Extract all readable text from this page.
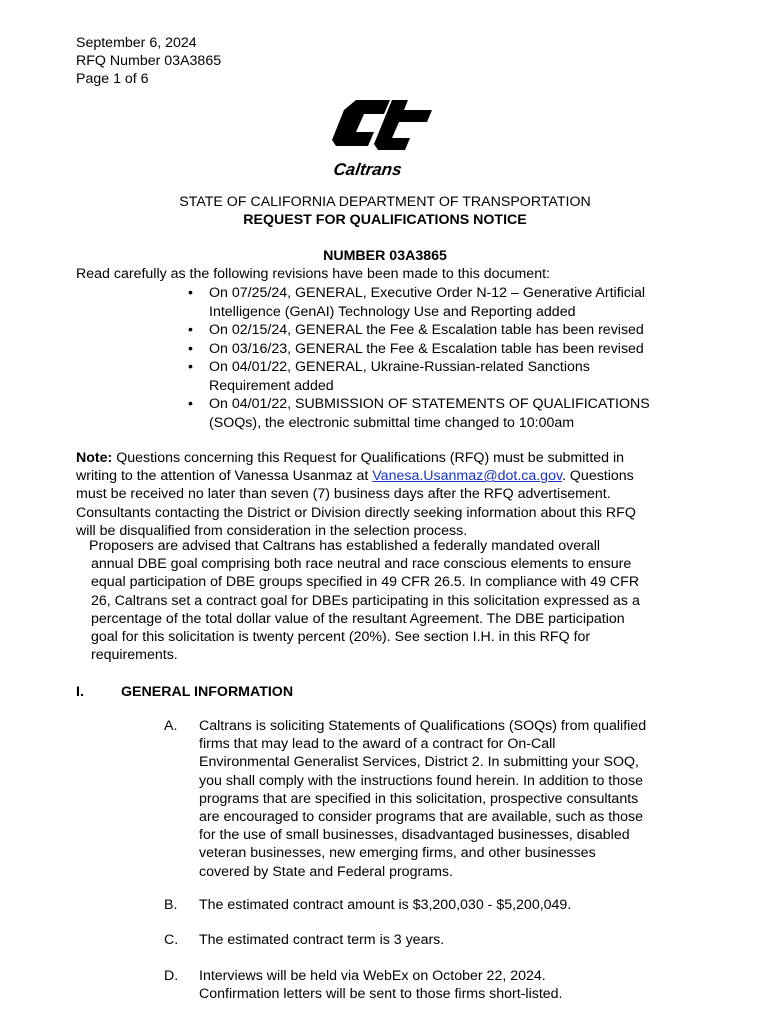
September 6, 2024
RFQ Number 03A3865
Page 1 of 6
Caltrans
STATE OF CALIFORNIA DEPARTMENT OF TRANSPORTATION
REQUEST FOR QUALIFICATIONS NOTICE
NUMBER 03A3865
Read carefully as the following revisions have been made to this document:
• On 07/25/24, GENERAL, Executive Order N-12 – Generative Artificial
Intelligence (GenAI) Technology Use and Reporting added
• On 02/15/24, GENERAL the Fee & Escalation table has been revised
• On 03/16/23, GENERAL the Fee & Escalation table has been revised
• On 04/01/22, GENERAL, Ukraine-Russian-related Sanctions
Requirement added
• On 04/01/22, SUBMISSION OF STATEMENTS OF QUALIFICATIONS
(SOQs), the electronic submittal time changed to 10:00am
Note: Questions concerning this Request for Qualifications (RFQ) must be submitted in
writing to the attention of Vanessa Usanmaz at Vanesa.Usanmaz@dot.ca.gov. Questions
must be received no later than seven (7) business days after the RFQ advertisement.
Consultants contacting the District or Division directly seeking information about this RFQ
will be disqualified from consideration in the selection process.
Proposers are advised that Caltrans has established a federally mandated overall
annual DBE goal comprising both race neutral and race conscious elements to ensure
equal participation of DBE groups specified in 49 CFR 26.5. In compliance with 49 CFR
26, Caltrans set a contract goal for DBEs participating in this solicitation expressed as a
percentage of the total dollar value of the resultant Agreement. The DBE participation
goal for this solicitation is twenty percent (20%). See section I.H. in this RFQ for
requirements.
I.	GENERAL INFORMATION
A. Caltrans is soliciting Statements of Qualifications (SOQs) from qualified
firms that may lead to the award of a contract for On-Call
Environmental Generalist Services, District 2. In submitting your SOQ,
you shall comply with the instructions found herein. In addition to those
programs that are specified in this solicitation, prospective consultants
are encouraged to consider programs that are available, such as those
for the use of small businesses, disadvantaged businesses, disabled
veteran businesses, new emerging firms, and other businesses
covered by State and Federal programs.
B. The estimated contract amount is $3,200,030 - $5,200,049.
C. The estimated contract term is 3 years.
D. Interviews will be held via WebEx on October 22, 2024.
Confirmation letters will be sent to those firms short-listed.
